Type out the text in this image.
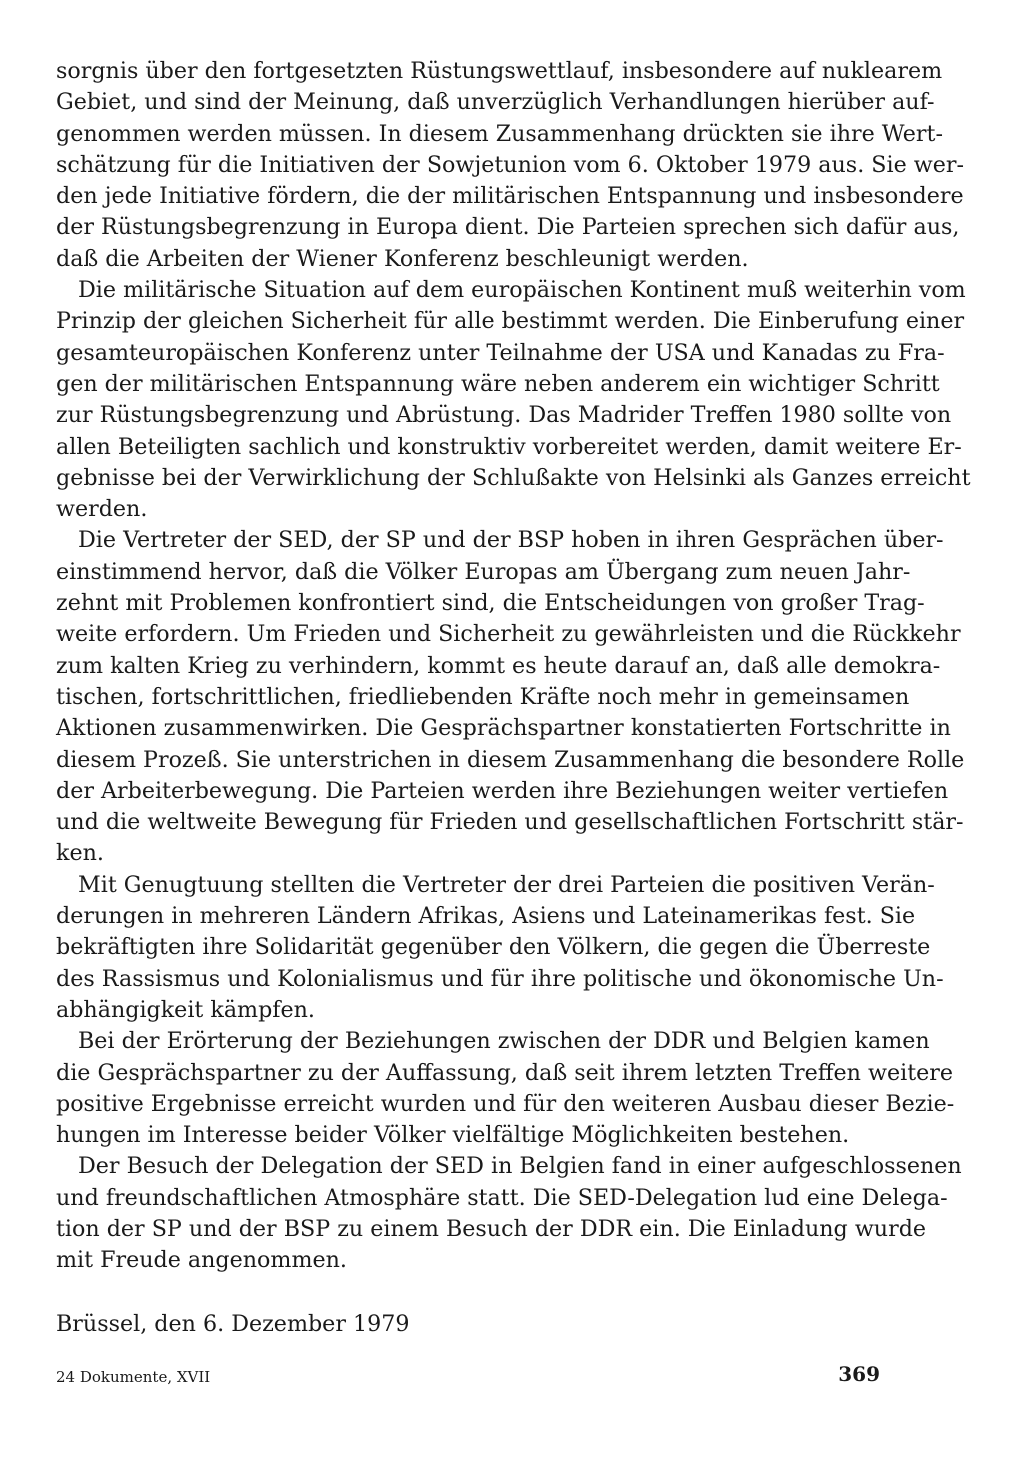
sorgnis über den fortgesetzten Rüstungswettlauf, insbesondere auf nuklearem
Gebiet, und sind der Meinung, daß unverzüglich Verhandlungen hierüber auf-
genommen werden müssen. In diesem Zusammenhang drückten sie ihre Wert-
schätzung für die Initiativen der Sowjetunion vom 6. Oktober 1979 aus. Sie wer-
den jede Initiative fördern, die der militärischen Entspannung und insbesondere
der Rüstungsbegrenzung in Europa dient. Die Parteien sprechen sich dafür aus,
daß die Arbeiten der Wiener Konferenz beschleunigt werden.
Die militärische Situation auf dem europäischen Kontinent muß weiterhin vom
Prinzip der gleichen Sicherheit für alle bestimmt werden. Die Einberufung einer
gesamteuropäischen Konferenz unter Teilnahme der USA und Kanadas zu Fra-
gen der militärischen Entspannung wäre neben anderem ein wichtiger Schritt
zur Rüstungsbegrenzung und Abrüstung. Das Madrider Treffen 1980 sollte von
allen Beteiligten sachlich und konstruktiv vorbereitet werden, damit weitere Er-
gebnisse bei der Verwirklichung der Schlußakte von Helsinki als Ganzes erreicht
werden.
Die Vertreter der SED, der SP und der BSP hoben in ihren Gesprächen über-
einstimmend hervor, daß die Völker Europas am Übergang zum neuen Jahr-
zehnt mit Problemen konfrontiert sind, die Entscheidungen von großer Trag-
weite erfordern. Um Frieden und Sicherheit zu gewährleisten und die Rückkehr
zum kalten Krieg zu verhindern, kommt es heute darauf an, daß alle demokra-
tischen, fortschrittlichen, friedliebenden Kräfte noch mehr in gemeinsamen
Aktionen zusammenwirken. Die Gesprächspartner konstatierten Fortschritte in
diesem Prozeß. Sie unterstrichen in diesem Zusammenhang die besondere Rolle
der Arbeiterbewegung. Die Parteien werden ihre Beziehungen weiter vertiefen
und die weltweite Bewegung für Frieden und gesellschaftlichen Fortschritt stär-
ken.
Mit Genugtuung stellten die Vertreter der drei Parteien die positiven Verän-
derungen in mehreren Ländern Afrikas, Asiens und Lateinamerikas fest. Sie
bekräftigten ihre Solidarität gegenüber den Völkern, die gegen die Überreste
des Rassismus und Kolonialismus und für ihre politische und ökonomische Un-
abhängigkeit kämpfen.
Bei der Erörterung der Beziehungen zwischen der DDR und Belgien kamen
die Gesprächspartner zu der Auffassung, daß seit ihrem letzten Treffen weitere
positive Ergebnisse erreicht wurden und für den weiteren Ausbau dieser Bezie-
hungen im Interesse beider Völker vielfältige Möglichkeiten bestehen.
Der Besuch der Delegation der SED in Belgien fand in einer aufgeschlossenen
und freundschaftlichen Atmosphäre statt. Die SED-Delegation lud eine Delega-
tion der SP und der BSP zu einem Besuch der DDR ein. Die Einladung wurde
mit Freude angenommen.
Brüssel, den 6. Dezember 1979
24 Dokumente, XVII	369
